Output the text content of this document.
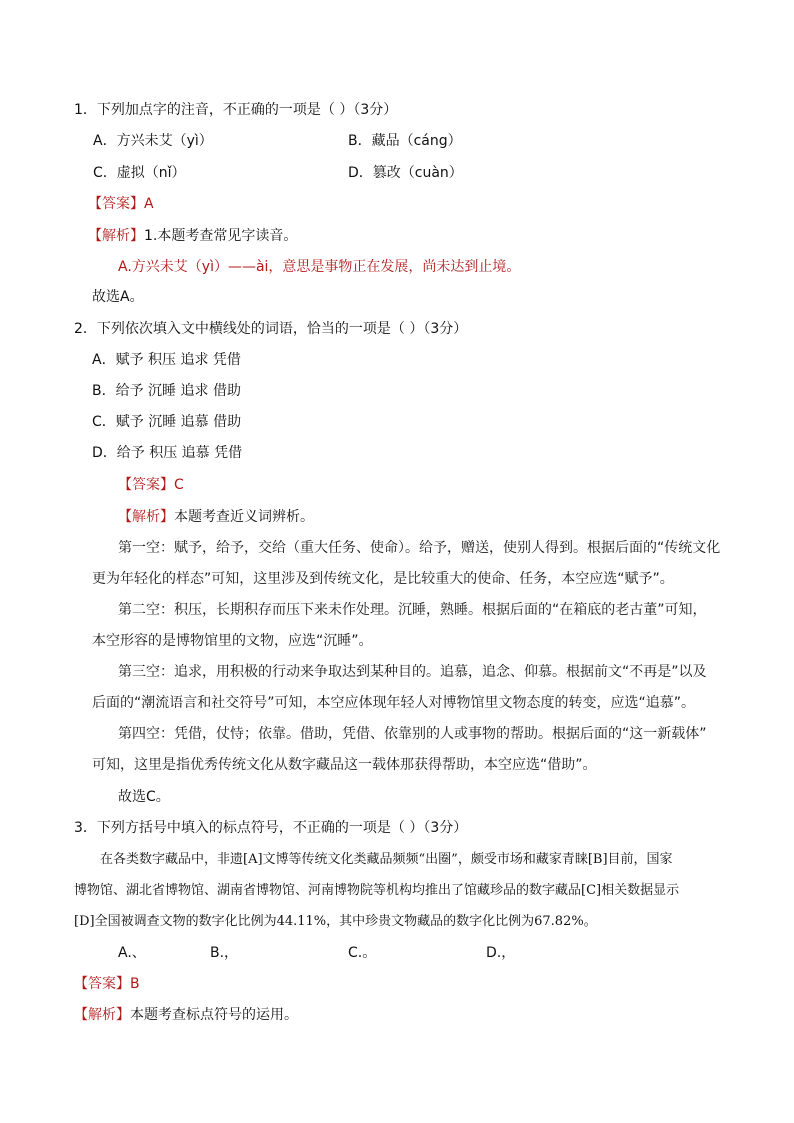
1．下列加点字的注音，不正确的一项是（ ）（3分）
A．方兴未艾（yì）	B．藏品（cáng）
C．虚拟（nǐ）	D．篡改（cuàn）
【答案】A
【解析】1.本题考查常见字读音。
A.方兴未艾（yì）——ài，意思是事物正在发展，尚未达到止境。
故选A。
2．下列依次填入文中横线处的词语，恰当的一项是（ ）（3分）
A．赋予 积压 追求 凭借
B．给予 沉睡 追求 借助
C．赋予 沉睡 追慕 借助
D．给予 积压 追慕 凭借
【答案】C
【解析】本题考查近义词辨析。
第一空：赋予，给予，交给（重大任务、使命）。给予，赠送，使别人得到。根据后面的“传统文化
更为年轻化的样态”可知，这里涉及到传统文化，是比较重大的使命、任务，本空应选“赋予”。
第二空：积压，长期积存而压下来未作处理。沉睡，熟睡。根据后面的“在箱底的老古董”可知，
本空形容的是博物馆里的文物，应选“沉睡”。
第三空：追求，用积极的行动来争取达到某种目的。追慕，追念、仰慕。根据前文“不再是”以及
后面的“潮流语言和社交符号”可知，本空应体现年轻人对博物馆里文物态度的转变，应选“追慕”。
第四空：凭借，仗恃；依靠。借助，凭借、依靠别的人或事物的帮助。根据后面的“这一新载体”
可知，这里是指优秀传统文化从数字藏品这一载体那获得帮助，本空应选“借助”。
故选C。
3．下列方括号中填入的标点符号，不正确的一项是（ ）（3分）
在各类数字藏品中，非遗[A]文博等传统文化类藏品频频“出圈”，颇受市场和藏家青睐[B]目前，国家
博物馆、湖北省博物馆、湖南省博物馆、河南博物院等机构均推出了馆藏珍品的数字藏品[C]相关数据显示
[D]全国被调查文物的数字化比例为44.11%，其中珍贵文物藏品的数字化比例为67.82%。
A.、	B.，	C.。	D.，
【答案】B
【解析】本题考查标点符号的运用。
